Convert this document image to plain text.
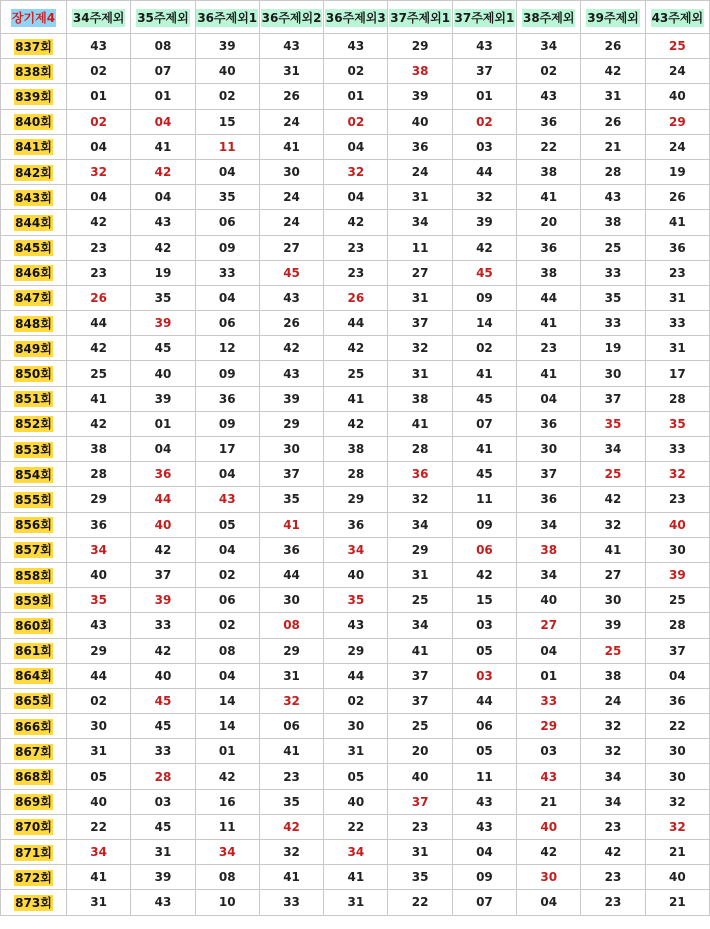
장기제4	34주제외	35주제외	36주제외1	36주제외2	36주제외3	37주제외1	37주제외1	38주제외	39주제외	43주제외
837회	43	08	39	43	43	29	43	34	26	25
838회	02	07	40	31	02	38	37	02	42	24
839회	01	01	02	26	01	39	01	43	31	40
840회	02	04	15	24	02	40	02	36	26	29
841회	04	41	11	41	04	36	03	22	21	24
842회	32	42	04	30	32	24	44	38	28	19
843회	04	04	35	24	04	31	32	41	43	26
844회	42	43	06	24	42	34	39	20	38	41
845회	23	42	09	27	23	11	42	36	25	36
846회	23	19	33	45	23	27	45	38	33	23
847회	26	35	04	43	26	31	09	44	35	31
848회	44	39	06	26	44	37	14	41	33	33
849회	42	45	12	42	42	32	02	23	19	31
850회	25	40	09	43	25	31	41	41	30	17
851회	41	39	36	39	41	38	45	04	37	28
852회	42	01	09	29	42	41	07	36	35	35
853회	38	04	17	30	38	28	41	30	34	33
854회	28	36	04	37	28	36	45	37	25	32
855회	29	44	43	35	29	32	11	36	42	23
856회	36	40	05	41	36	34	09	34	32	40
857회	34	42	04	36	34	29	06	38	41	30
858회	40	37	02	44	40	31	42	34	27	39
859회	35	39	06	30	35	25	15	40	30	25
860회	43	33	02	08	43	34	03	27	39	28
861회	29	42	08	29	29	41	05	04	25	37
864회	44	40	04	31	44	37	03	01	38	04
865회	02	45	14	32	02	37	44	33	24	36
866회	30	45	14	06	30	25	06	29	32	22
867회	31	33	01	41	31	20	05	03	32	30
868회	05	28	42	23	05	40	11	43	34	30
869회	40	03	16	35	40	37	43	21	34	32
870회	22	45	11	42	22	23	43	40	23	32
871회	34	31	34	32	34	31	04	42	42	21
872회	41	39	08	41	41	35	09	30	23	40
873회	31	43	10	33	31	22	07	04	23	21
